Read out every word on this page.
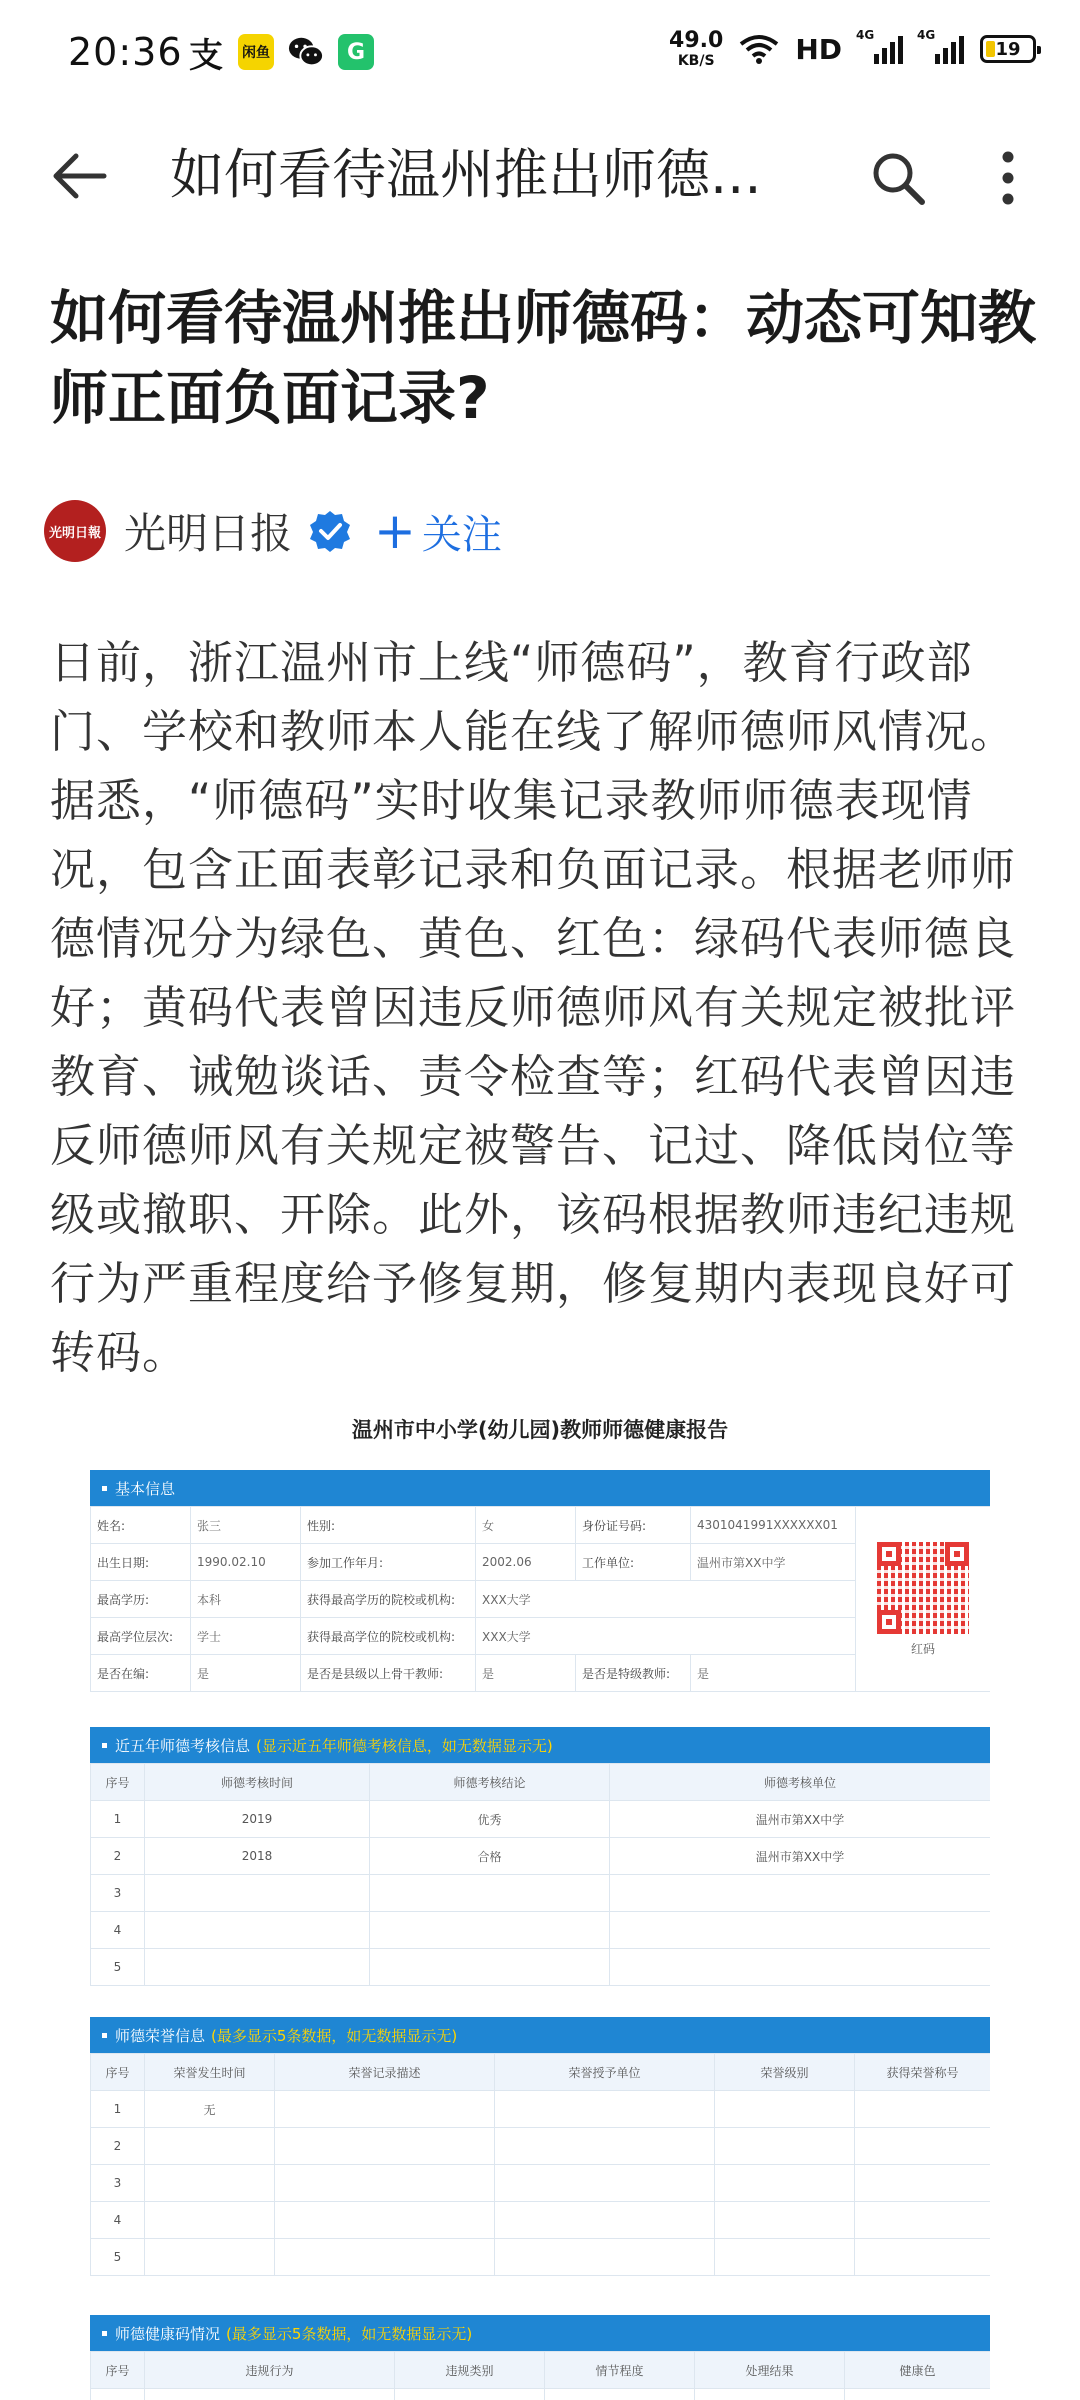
20:36 支 闲鱼	G	49.0
KB/S	HD 4G	4G
19
如何看待温州推出师德...
如何看待温州推出师德码：动态可知教师正面负面记录?
光明日報 光明日报 + 关注

日前，浙江温州市上线“师德码”，教育行政部门、学校和教师本人能在线了解师德师风情况。据悉，“师德码”实时收集记录教师师德表现情况，包含正面表彰记录和负面记录。根据老师师德情况分为绿色、黄色、红色：绿码代表师德良好；黄码代表曾因违反师德师风有关规定被批评教育、诫勉谈话、责令检查等；红码代表曾因违反师德师风有关规定被警告、记过、降低岗位等级或撤职、开除。此外，该码根据教师违纪违规行为严重程度给予修复期，修复期内表现良好可转码。

温州市中小学(幼儿园)教师师德健康报告
基本信息
姓名:	张三	性别:	女	身份证号码:	4301041991XXXXXX01	红码

出生日期:	1990.02.10	参加工作年月:	2002.06	工作单位:	温州市第XX中学	
最高学历:	本科	获得最高学历的院校或机构:	XXX大学			
最高学位层次:	学士	获得最高学位的院校或机构:	XXX大学			
是否在编:	是	是否是县级以上骨干教师:	是	是否是特级教师:	是	
近五年师德考核信息 (显示近五年师德考核信息，如无数据显示无)
序号	师德考核时间	师德考核结论	师德考核单位
1	2019	优秀	温州市第XX中学
2	2018	合格	温州市第XX中学
3			
4			
5			
师德荣誉信息 (最多显示5条数据，如无数据显示无)
序号	荣誉发生时间	荣誉记录描述	荣誉授予单位	荣誉级别	获得荣誉称号
1	无				
2					
3					
4					
5					
师德健康码情况 (最多显示5条数据，如无数据显示无)
序号	违规行为	违规类别	情节程度	处理结果	健康色
